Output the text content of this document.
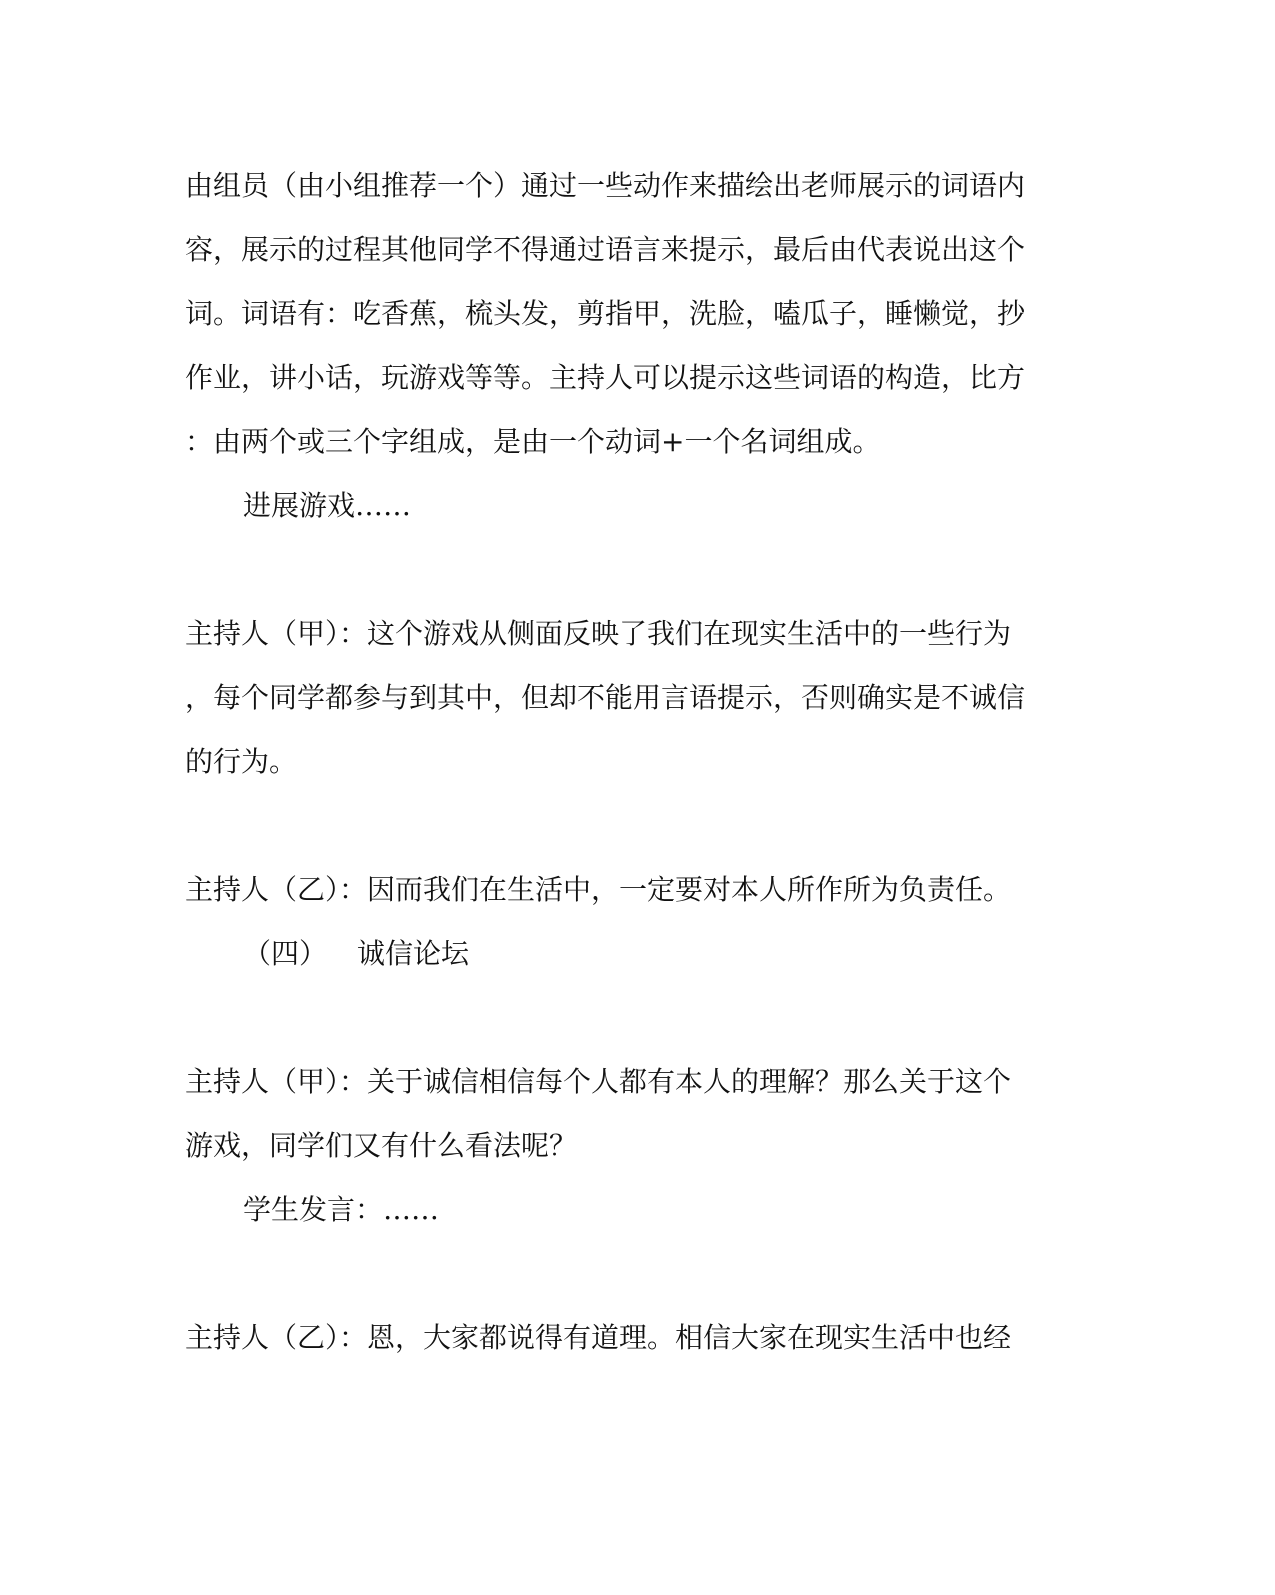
由组员（由小组推荐一个）通过一些动作来描绘出老师展示的词语内
容，展示的过程其他同学不得通过语言来提示，最后由代表说出这个
词。词语有：吃香蕉，梳头发，剪指甲，洗脸，嗑瓜子，睡懒觉，抄
作业，讲小话，玩游戏等等。主持人可以提示这些词语的构造，比方
：由两个或三个字组成，是由一个动词+一个名词组成。
进展游戏……
主持人（甲）：这个游戏从侧面反映了我们在现实生活中的一些行为
，每个同学都参与到其中，但却不能用言语提示，否则确实是不诚信
的行为。
主持人（乙）：因而我们在生活中，一定要对本人所作所为负责任。
（四） 诚信论坛
主持人（甲）：关于诚信相信每个人都有本人的理解？那么关于这个
游戏，同学们又有什么看法呢？
学生发言：……
主持人（乙）：恩，大家都说得有道理。相信大家在现实生活中也经
